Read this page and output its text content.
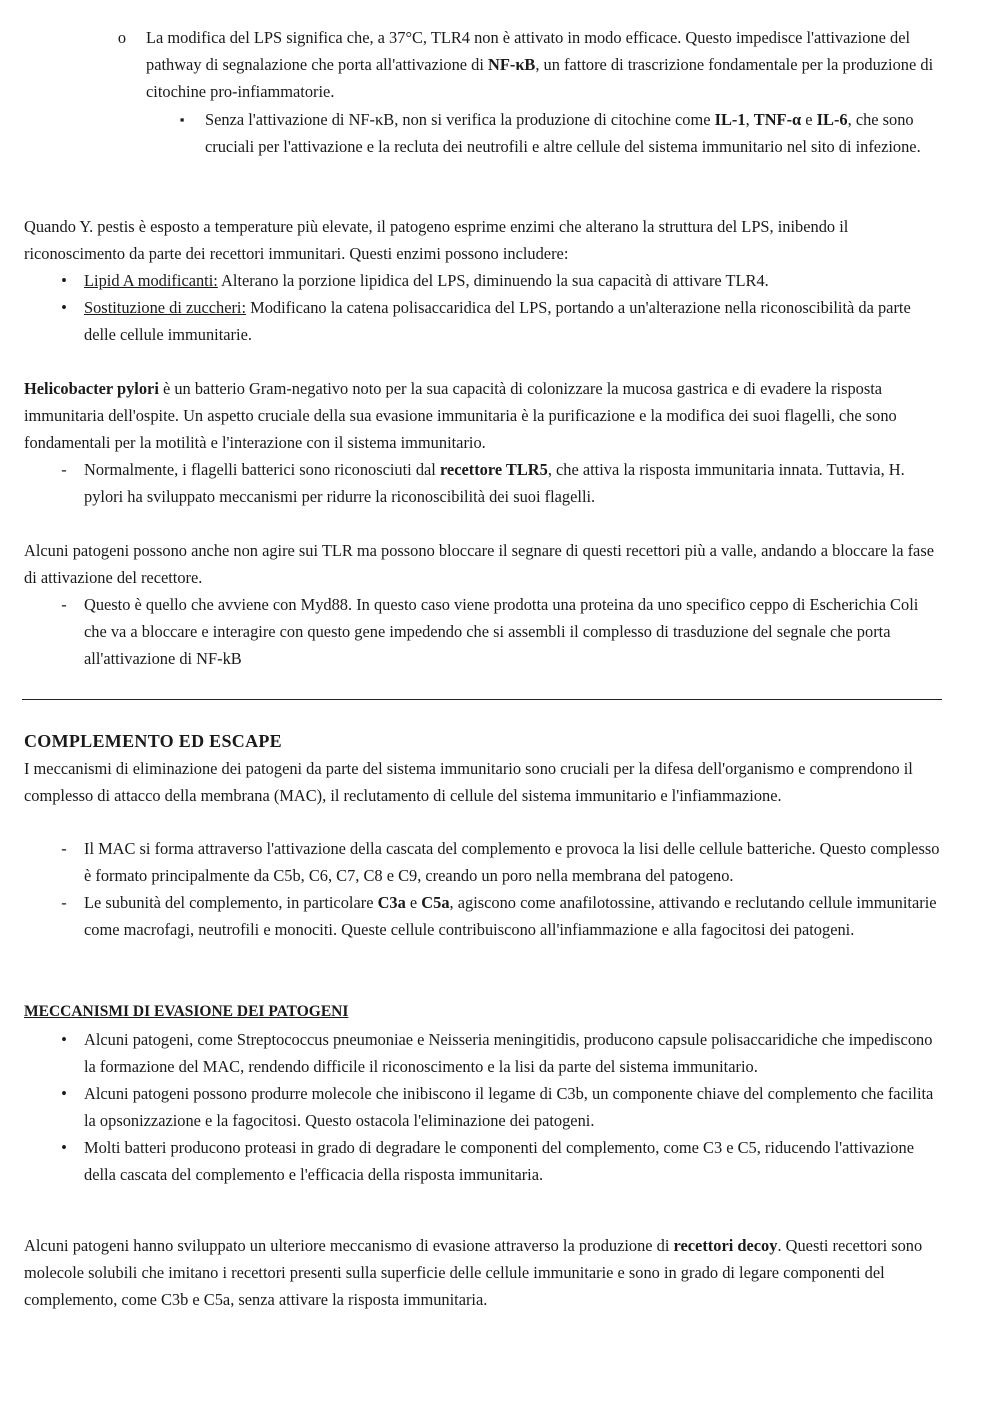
o	La modifica del LPS significa che, a 37°C, TLR4 non è attivato in modo efficace. Questo impedisce l'attivazione del pathway di segnalazione che porta all'attivazione di NF-κB, un fattore di trascrizione fondamentale per la produzione di citochine pro-infiammatorie.

▪	Senza l'attivazione di NF-κB, non si verifica la produzione di citochine come IL-1, TNF-α e IL-6, che sono cruciali per l'attivazione e la recluta dei neutrofili e altre cellule del sistema immunitario nel sito di infezione.

Quando Y. pestis è esposto a temperature più elevate, il patogeno esprime enzimi che alterano la struttura del LPS, inibendo il riconoscimento da parte dei recettori immunitari. Questi enzimi possono includere:

•	Lipid A modificanti: Alterano la porzione lipidica del LPS, diminuendo la sua capacità di attivare TLR4.

•	Sostituzione di zuccheri: Modificano la catena polisaccaridica del LPS, portando a un'alterazione nella riconoscibilità da parte delle cellule immunitarie.

Helicobacter pylori è un batterio Gram-negativo noto per la sua capacità di colonizzare la mucosa gastrica e di evadere la risposta immunitaria dell'ospite. Un aspetto cruciale della sua evasione immunitaria è la purificazione e la modifica dei suoi flagelli, che sono fondamentali per la motilità e l'interazione con il sistema immunitario.

-	Normalmente, i flagelli batterici sono riconosciuti dal recettore TLR5, che attiva la risposta immunitaria innata. Tuttavia, H. pylori ha sviluppato meccanismi per ridurre la riconoscibilità dei suoi flagelli.

Alcuni patogeni possono anche non agire sui TLR ma possono bloccare il segnare di questi recettori più a valle, andando a bloccare la fase di attivazione del recettore.

-	Questo è quello che avviene con Myd88. In questo caso viene prodotta una proteina da uno specifico ceppo di Escherichia Coli che va a bloccare e interagire con questo gene impedendo che si assembli il complesso di trasduzione del segnale che porta all'attivazione di NF-kB

COMPLEMENTO ED ESCAPE

I meccanismi di eliminazione dei patogeni da parte del sistema immunitario sono cruciali per la difesa dell'organismo e comprendono il complesso di attacco della membrana (MAC), il reclutamento di cellule del sistema immunitario e l'infiammazione.

-	Il MAC si forma attraverso l'attivazione della cascata del complemento e provoca la lisi delle cellule batteriche. Questo complesso è formato principalmente da C5b, C6, C7, C8 e C9, creando un poro nella membrana del patogeno.

-	Le subunità del complemento, in particolare C3a e C5a, agiscono come anafilotossine, attivando e reclutando cellule immunitarie come macrofagi, neutrofili e monociti. Queste cellule contribuiscono all'infiammazione e alla fagocitosi dei patogeni.

MECCANISMI DI EVASIONE DEI PATOGENI

•	Alcuni patogeni, come Streptococcus pneumoniae e Neisseria meningitidis, producono capsule polisaccaridiche che impediscono la formazione del MAC, rendendo difficile il riconoscimento e la lisi da parte del sistema immunitario.

•	Alcuni patogeni possono produrre molecole che inibiscono il legame di C3b, un componente chiave del complemento che facilita la opsonizzazione e la fagocitosi. Questo ostacola l'eliminazione dei patogeni.

•	Molti batteri producono proteasi in grado di degradare le componenti del complemento, come C3 e C5, riducendo l'attivazione della cascata del complemento e l'efficacia della risposta immunitaria.

Alcuni patogeni hanno sviluppato un ulteriore meccanismo di evasione attraverso la produzione di recettori decoy. Questi recettori sono molecole solubili che imitano i recettori presenti sulla superficie delle cellule immunitarie e sono in grado di legare componenti del complemento, come C3b e C5a, senza attivare la risposta immunitaria.
